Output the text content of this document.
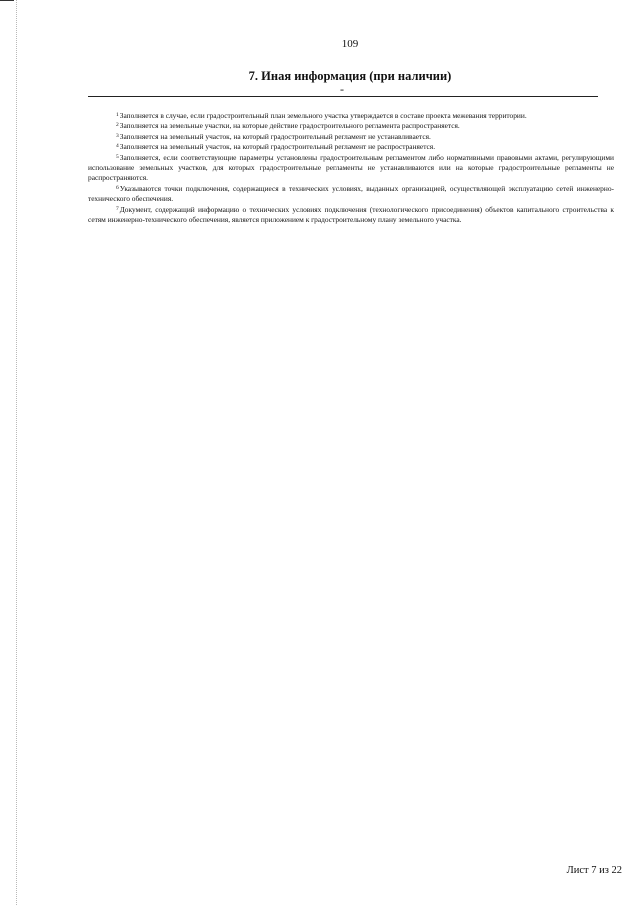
109
7. Иная информация (при наличии)
-

$^1$Заполняется в случае, если градостроительный план земельного участка утверждается в составе проекта межевания территории.

$^2$Заполняется на земельные участки, на которые действие градостроительного регламента распространяется.

$^3$Заполняется на земельный участок, на который градостроительный регламент не устанавливается.

$^4$Заполняется на земельный участок, на который градостроительный регламент не распространяется.

$^5$Заполняется, если соответствующие параметры установлены градостроительным регламентом либо нормативными правовыми актами, регулирующими использование земельных участков, для которых градостроительные регламенты не устанавливаются или на которые градостроительные регламенты не распространяются.

$^6$Указываются точки подключения, содержащиеся в технических условиях, выданных организацией, осуществляющей эксплуатацию сетей инженерно-технического обеспечения.

$^7$Документ, содержащий информацию о технических условиях подключения (технологического присоединения) объектов капитального строительства к сетям инженерно-технического обеспечения, является приложением к градостроительному плану земельного участка.

Лист 7 из 22
